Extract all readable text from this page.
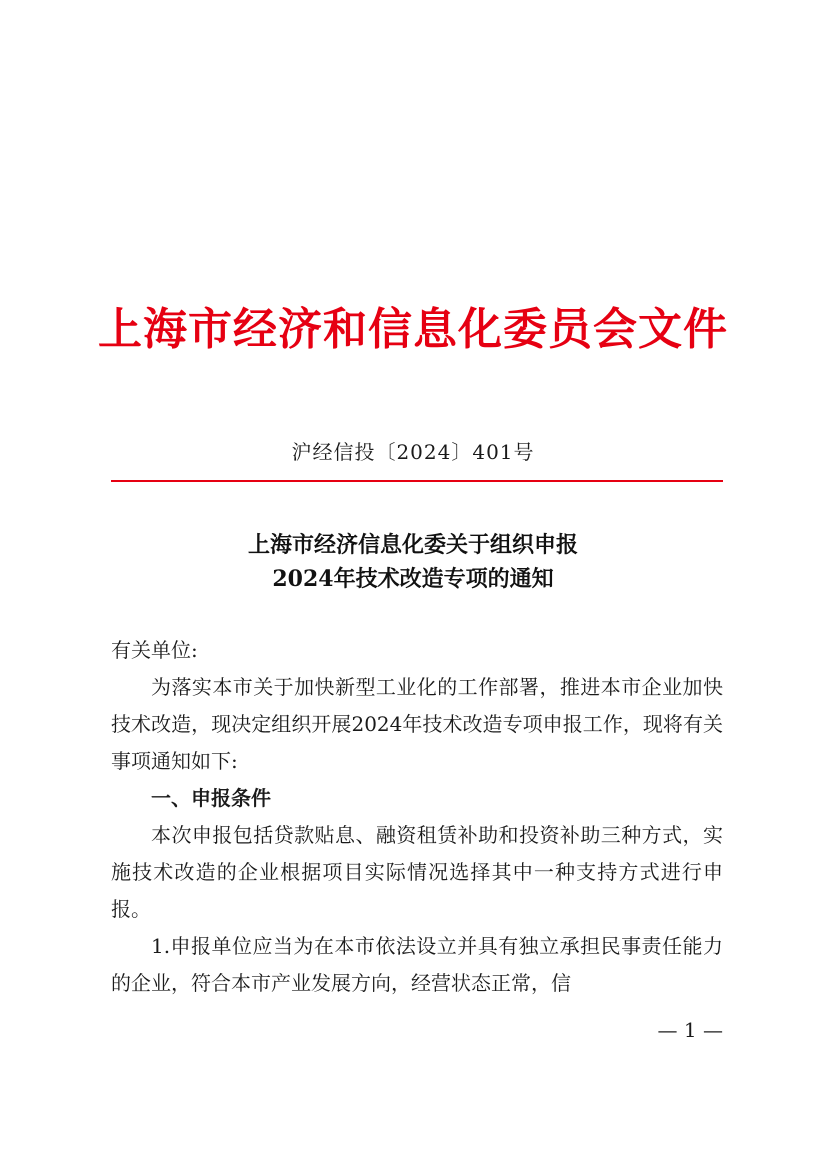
上海市经济和信息化委员会文件
沪经信投〔2024〕401号
上海市经济信息化委关于组织申报
2024年技术改造专项的通知

有关单位:

为落实本市关于加快新型工业化的工作部署，推进本市企业加快技术改造，现决定组织开展2024年技术改造专项申报工作，现将有关事项通知如下:

一、申报条件

本次申报包括贷款贴息、融资租赁补助和投资补助三种方式，实施技术改造的企业根据项目实际情况选择其中一种支持方式进行申报。

1.申报单位应当为在本市依法设立并具有独立承担民事责任能力的企业，符合本市产业发展方向，经营状态正常，信

— 1 —
